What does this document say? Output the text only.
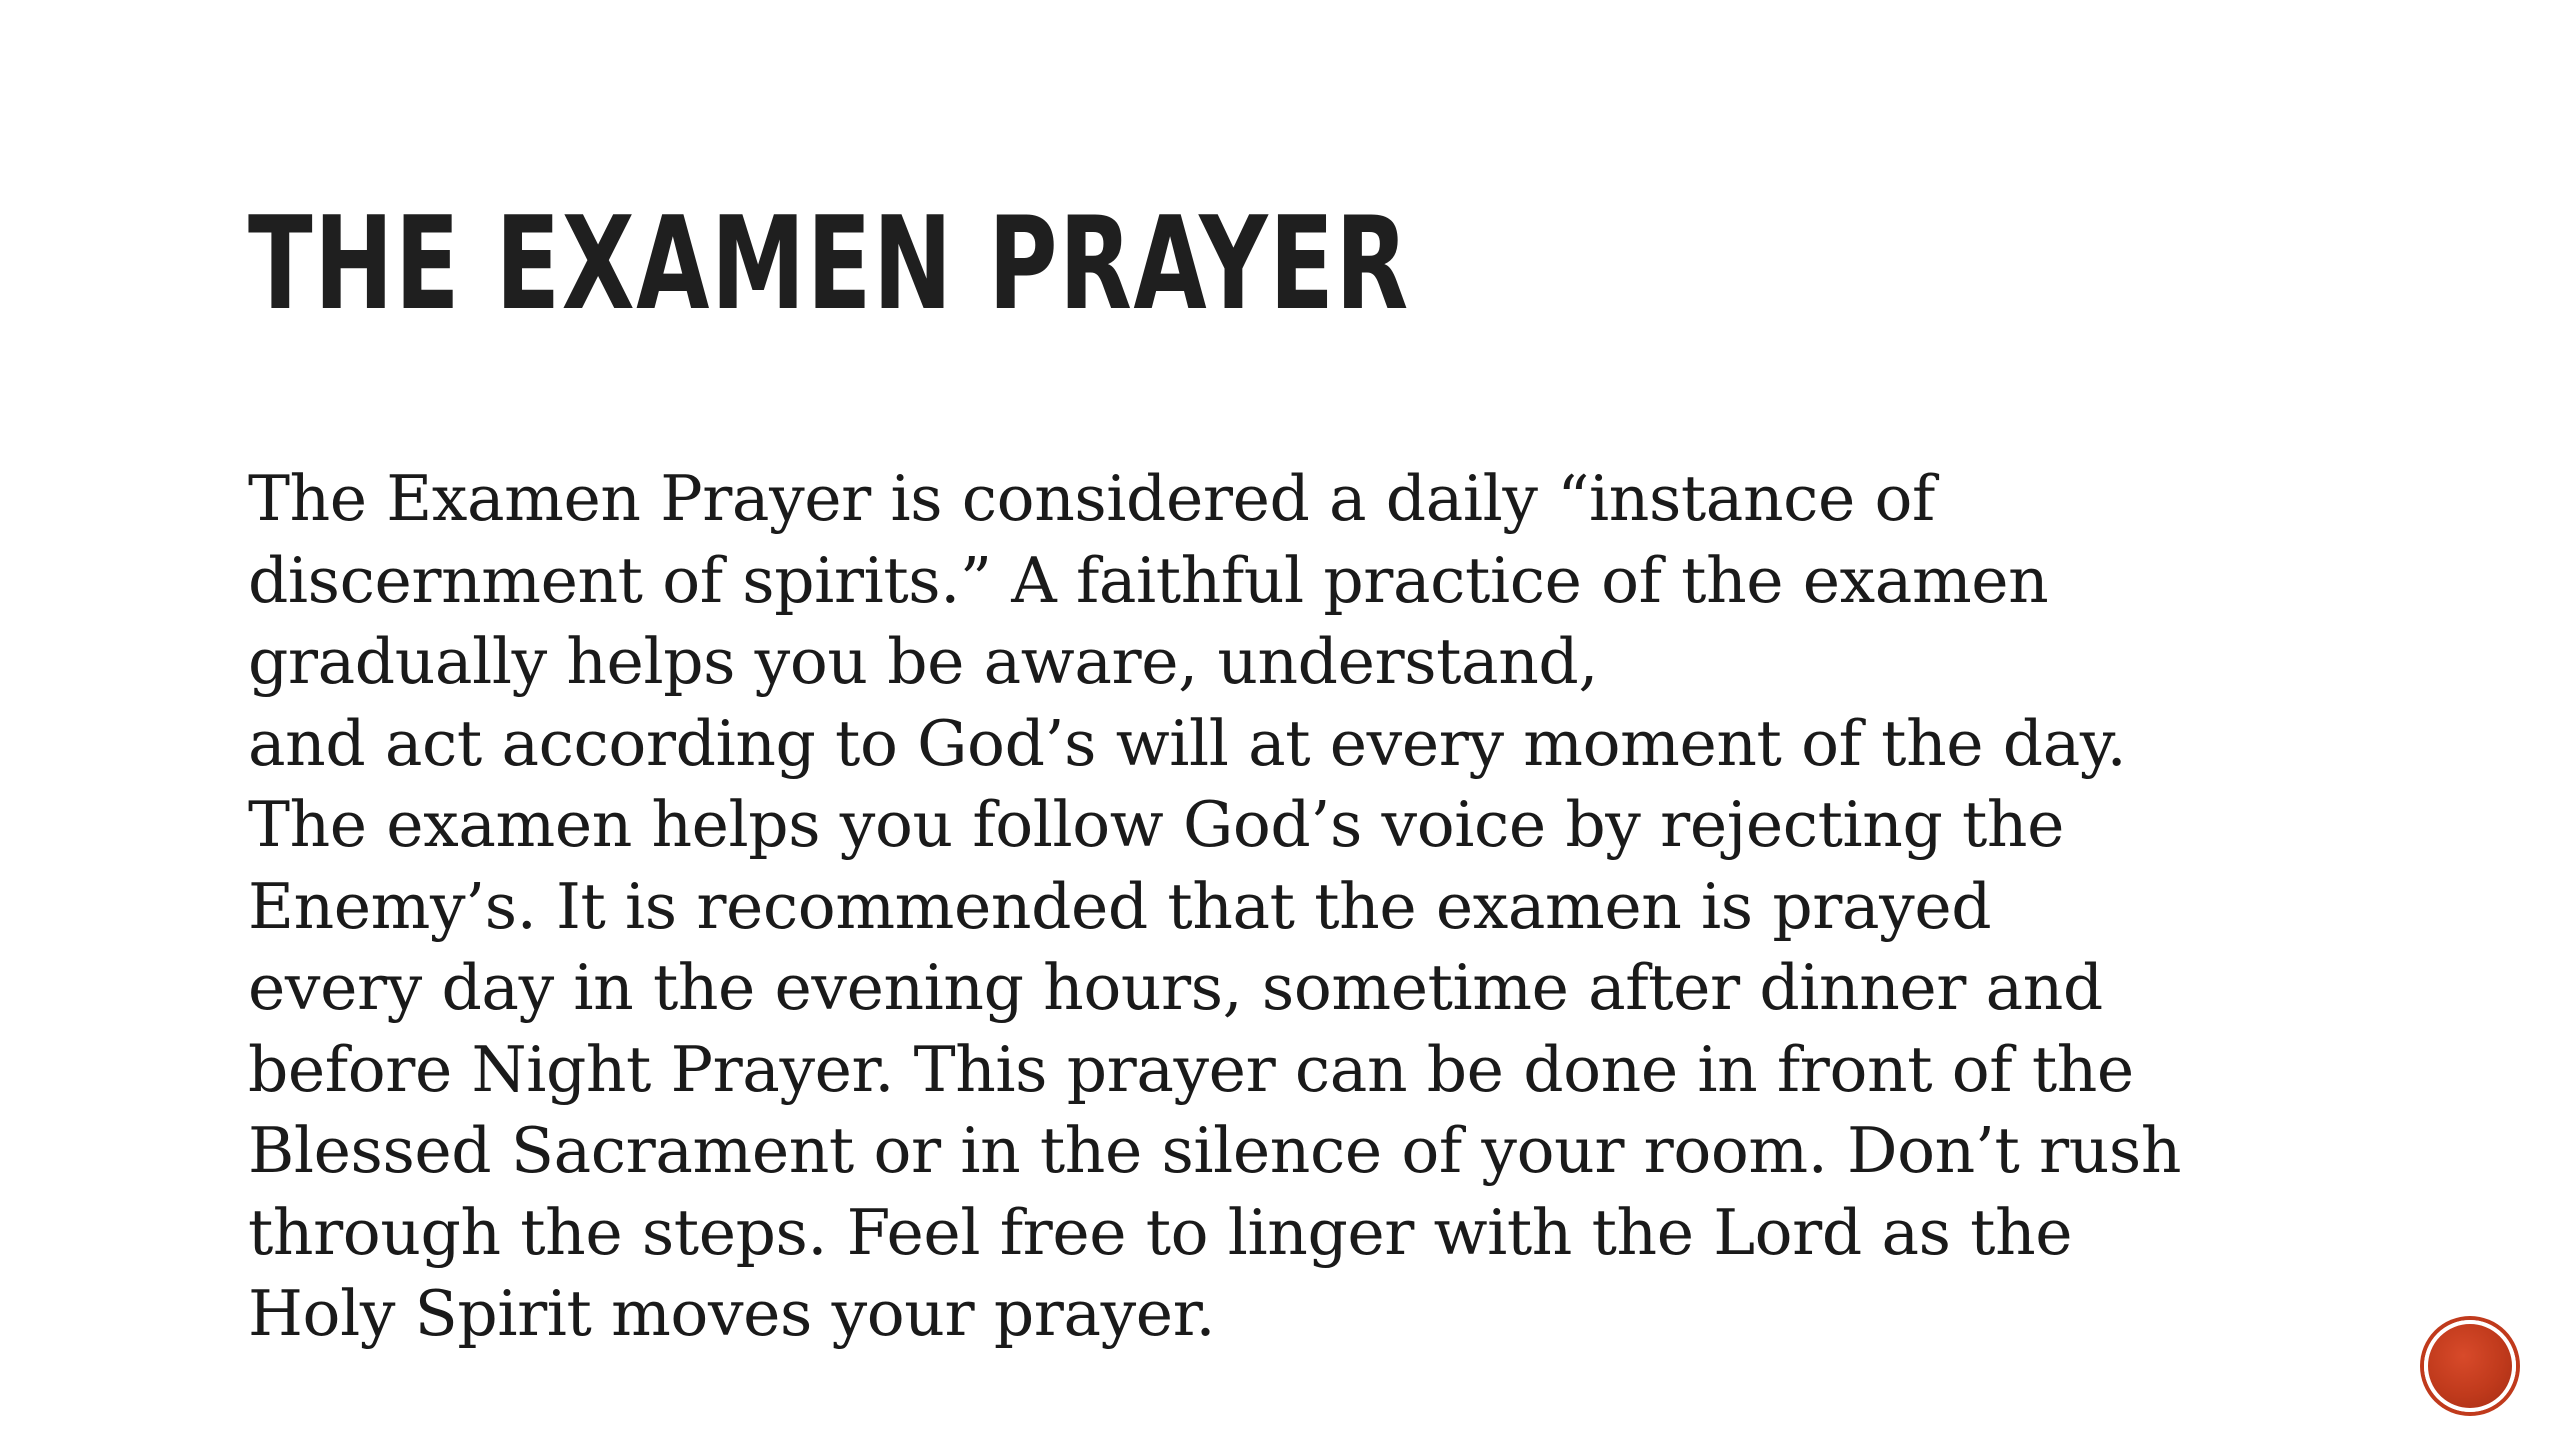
THE EXAMEN PRAYER
The Examen Prayer is considered a daily “instance of
discernment of spirits.” A faithful practice of the examen
gradually helps you be aware, understand,
and act according to God’s will at every moment of the day.
The examen helps you follow God’s voice by rejecting the
Enemy’s. It is recommended that the examen is prayed
every day in the evening hours, sometime after dinner and
before Night Prayer. This prayer can be done in front of the
Blessed Sacrament or in the silence of your room. Don’t rush
through the steps. Feel free to linger with the Lord as the
Holy Spirit moves your prayer.
